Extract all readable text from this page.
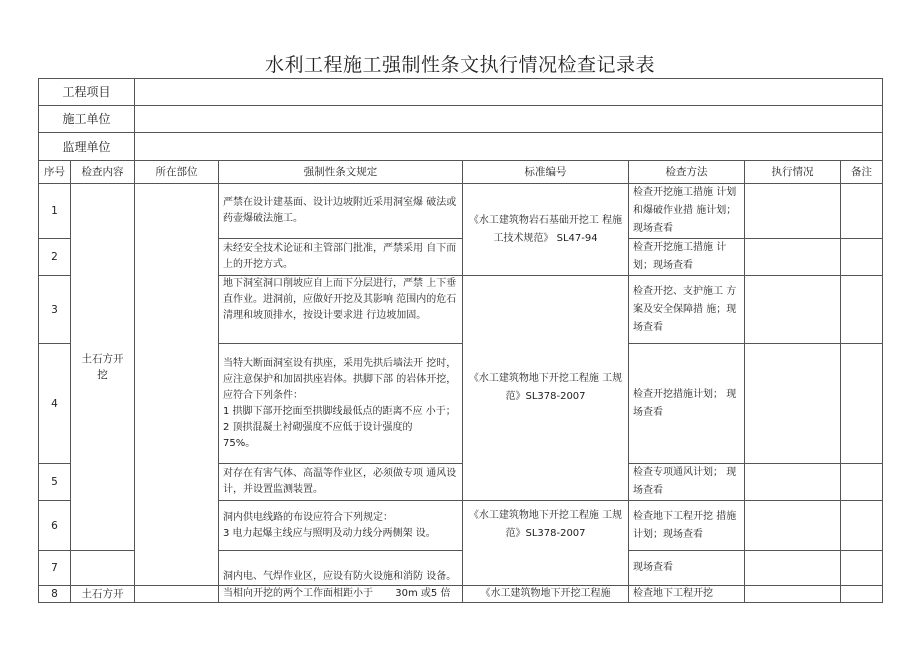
水利工程施工强制性条文执行情况检查记录表
工程项目							
施工单位							
监理单位							
序号	检查内容	所在部位	强制性条文规定	标准编号	检查方法	执行情况	备注
1	土石方开 挖		严禁在设计建基面、设计边坡附近采用洞室爆 破法或药壶爆破法施工。	《水工建筑物岩石基础开挖工 程施工技术规范》 SL47-94	检查开挖施工措施 计划和爆破作业措 施计划；现场查看		
2			未经安全技术论证和主管部门批准，严禁采用 自下而上的开挖方式。		检查开挖施工措施 计划；现场查看		
3			地下洞室洞口削坡应自上而下分层进行，严禁 上下垂直作业。进洞前，应做好开挖及其影响 范围内的危石清理和坡顶排水，按设计要求进 行边坡加固。	《水工建筑物地下开挖工程施 工规范》SL378-2007	检查开挖、支护施工 方案及安全保障措 施；现场查看		
4			当特大断面洞室设有拱座，采用先拱后墙法开 挖时，应注意保护和加固拱座岩体。拱脚下部 的岩体开挖，应符合下列条件：
1 拱脚下部开挖面至拱脚线最低点的距离不应 小于；
2 顶拱混凝土衬砌强度不应低于设计强度的
75%。		检查开挖措施计划； 现场查看		
5			对存在有害气体、高温等作业区，必须做专项 通风设计，并设置监测装置。		检查专项通风计划； 现场查看		
6			洞内供电线路的布设应符合下列规定：
3 电力起爆主线应与照明及动力线分两侧架 设。	《水工建筑物地下开挖工程施 工规范》SL378-2007	检查地下工程开挖 措施计划；现场查看		
7			洞内电、气焊作业区，应设有防火设施和消防 设备。		现场查看		
8	土石方开		当相向开挖的两个工作面相距小于       30m 或5 倍	《水工建筑物地下开挖工程施	检查地下工程开挖		
